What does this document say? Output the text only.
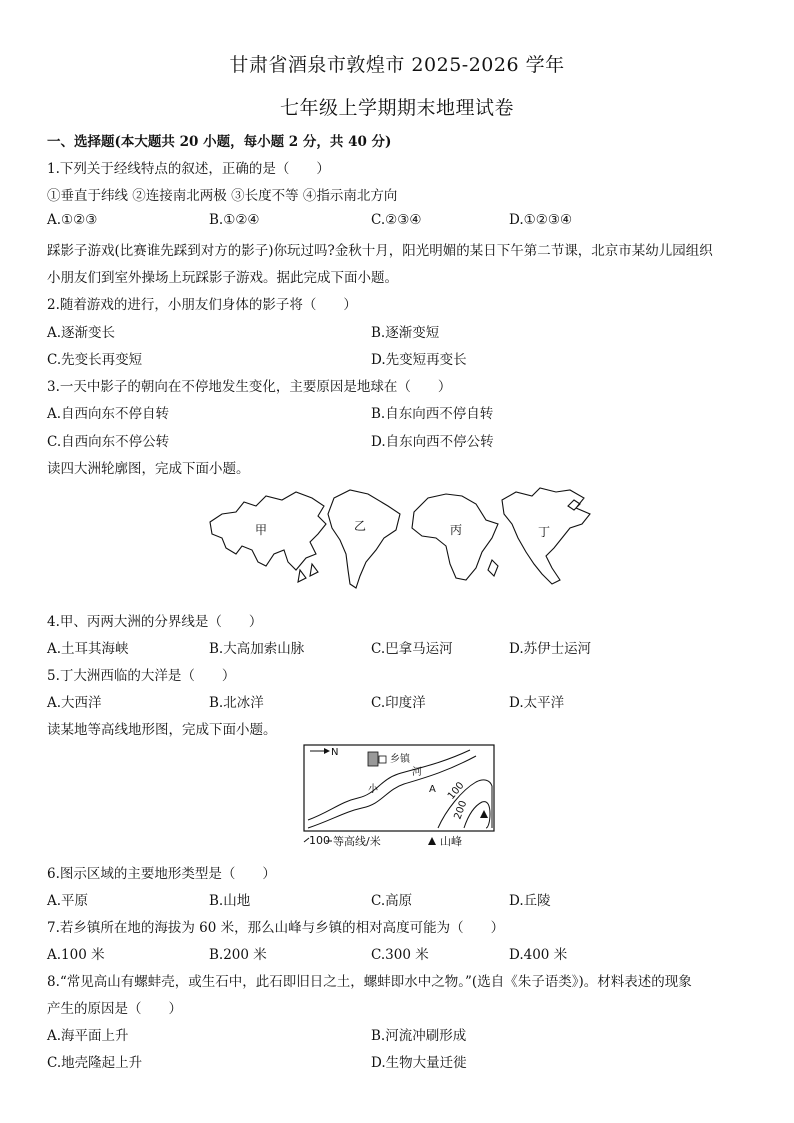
甘肃省酒泉市敦煌市 2025-2026 学年
七年级上学期期末地理试卷
一、选择题(本大题共 20 小题，每小题 2 分，共 40 分)
1.下列关于经线特点的叙述，正确的是（　　）
①垂直于纬线 ②连接南北两极 ③长度不等 ④指示南北方向
A.①②③	B.①②④	C.②③④	D.①②③④
踩影子游戏(比赛谁先踩到对方的影子)你玩过吗?金秋十月，阳光明媚的某日下午第二节课，北京市某幼儿园组织
小朋友们到室外操场上玩踩影子游戏。据此完成下面小题。
2.随着游戏的进行，小朋友们身体的影子将（　　）
A.逐渐变长	B.逐渐变短
C.先变长再变短	D.先变短再变长
3.一天中影子的朝向在不停地发生变化，主要原因是地球在（　　）
A.自西向东不停自转	B.自东向西不停自转
C.自西向东不停公转	D.自东向西不停公转
读四大洲轮廓图，完成下面小题。
甲	乙	丙	丁
4.甲、丙两大洲的分界线是（　　）
A.土耳其海峡	B.大高加索山脉	C.巴拿马运河	D.苏伊士运河
5.丁大洲西临的大洋是（　　）
A.大西洋	B.北冰洋	C.印度洋	D.太平洋
读某地等高线地形图，完成下面小题。
N
乡镇
河
小	A 100
200
100 等高线/米	山峰
6.图示区域的主要地形类型是（　　）
A.平原	B.山地	C.高原	D.丘陵
7.若乡镇所在地的海拔为 60 米，那么山峰与乡镇的相对高度可能为（　　）
A.100 米	B.200 米	C.300 米	D.400 米
8.“常见高山有螺蚌壳，或生石中，此石即旧日之土，螺蚌即水中之物。”(选自《朱子语类》)。材料表述的现象
产生的原因是（　　）
A.海平面上升	B.河流冲刷形成
C.地壳隆起上升	D.生物大量迁徙
